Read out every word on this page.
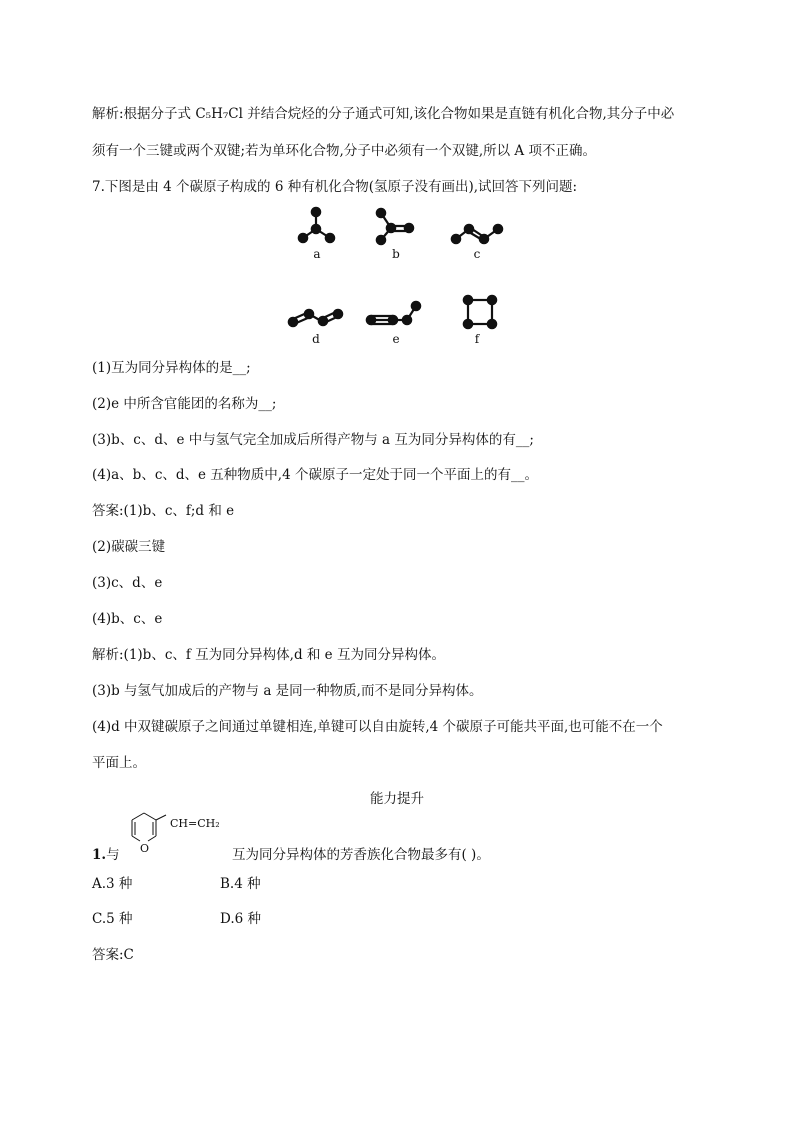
解析:根据分子式 C₅H₇Cl 并结合烷烃的分子通式可知,该化合物如果是直链有机化合物,其分子中必
须有一个三键或两个双键;若为单环化合物,分子中必须有一个双键,所以 A 项不正确。
7.下图是由 4 个碳原子构成的 6 种有机化合物(氢原子没有画出),试回答下列问题:
a	b	c
d	e	f
(1)互为同分异构体的是__;
(2)e 中所含官能团的名称为__;
(3)b、c、d、e 中与氢气完全加成后所得产物与 a 互为同分异构体的有__;
(4)a、b、c、d、e 五种物质中,4 个碳原子一定处于同一个平面上的有__。
答案:(1)b、c、f;d 和 e
(2)碳碳三键
(3)c、d、e
(4)b、c、e
解析:(1)b、c、f 互为同分异构体,d 和 e 互为同分异构体。
(3)b 与氢气加成后的产物与 a 是同一种物质,而不是同分异构体。
(4)d 中双键碳原子之间通过单键相连,单键可以自由旋转,4 个碳原子可能共平面,也可能不在一个
平面上。
能力提升
O
CH=CH₂
1.与	互为同分异构体的芳香族化合物最多有( )。
A.3 种	B.4 种
C.5 种	D.6 种
答案:C
